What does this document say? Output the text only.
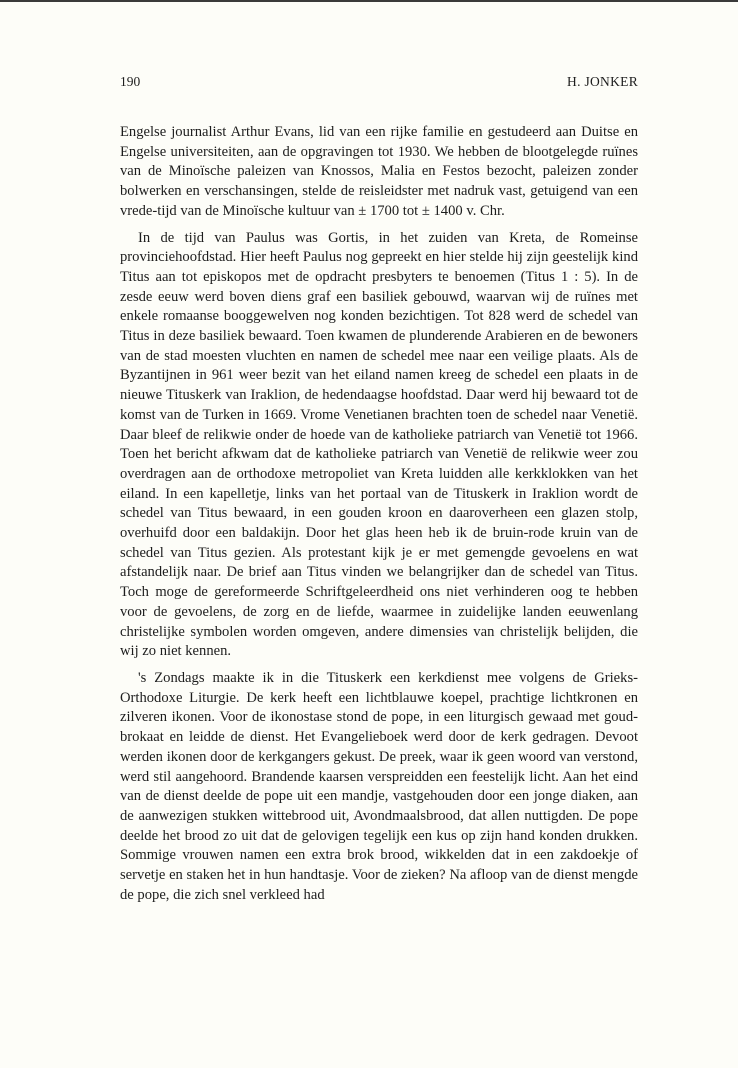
190	H. JONKER

Engelse journalist Arthur Evans, lid van een rijke familie en gestudeerd aan Duitse en Engelse universiteiten, aan de opgravingen tot 1930. We hebben de blootgelegde ruïnes van de Minoïsche paleizen van Knossos, Malia en Festos bezocht, paleizen zonder bolwerken en verschansingen, stelde de reisleidster met nadruk vast, getuigend van een vrede-tijd van de Minoïsche kultuur van ± 1700 tot ± 1400 v. Chr.

In de tijd van Paulus was Gortis, in het zuiden van Kreta, de Romeinse provinciehoofdstad. Hier heeft Paulus nog gepreekt en hier stelde hij zijn geestelijk kind Titus aan tot episkopos met de opdracht presbyters te benoemen (Titus 1 : 5). In de zesde eeuw werd boven diens graf een basiliek gebouwd, waarvan wij de ruïnes met enkele romaanse booggewelven nog konden bezichtigen. Tot 828 werd de schedel van Titus in deze basiliek bewaard. Toen kwamen de plunderende Arabieren en de bewoners van de stad moesten vluchten en namen de schedel mee naar een veilige plaats. Als de Byzantijnen in 961 weer bezit van het eiland namen kreeg de schedel een plaats in de nieuwe Tituskerk van Iraklion, de hedendaagse hoofdstad. Daar werd hij bewaard tot de komst van de Turken in 1669. Vrome Venetianen brachten toen de schedel naar Venetië. Daar bleef de relikwie onder de hoede van de katholieke patriarch van Venetië tot 1966. Toen het bericht afkwam dat de katholieke patriarch van Venetië de relikwie weer zou overdragen aan de orthodoxe metropoliet van Kreta luidden alle kerkklokken van het eiland. In een kapelletje, links van het portaal van de Tituskerk in Iraklion wordt de schedel van Titus bewaard, in een gouden kroon en daaroverheen een glazen stolp, overhuifd door een baldakijn. Door het glas heen heb ik de bruin-rode kruin van de schedel van Titus gezien. Als protestant kijk je er met gemengde gevoelens en wat afstandelijk naar. De brief aan Titus vinden we belangrijker dan de schedel van Titus. Toch moge de gereformeerde Schriftgeleerdheid ons niet verhinderen oog te hebben voor de gevoelens, de zorg en de liefde, waarmee in zuidelijke landen eeuwenlang christelijke symbolen worden omgeven, andere dimensies van christelijk belijden, die wij zo niet kennen.

's Zondags maakte ik in die Tituskerk een kerkdienst mee volgens de Grieks-Orthodoxe Liturgie. De kerk heeft een lichtblauwe koepel, prachtige lichtkronen en zilveren ikonen. Voor de ikonostase stond de pope, in een liturgisch gewaad met goud-brokaat en leidde de dienst. Het Evangelieboek werd door de kerk gedragen. Devoot werden ikonen door de kerkgangers gekust. De preek, waar ik geen woord van verstond, werd stil aangehoord. Brandende kaarsen verspreidden een feestelijk licht. Aan het eind van de dienst deelde de pope uit een mandje, vastgehouden door een jonge diaken, aan de aanwezigen stukken wittebrood uit, Avondmaalsbrood, dat allen nuttigden. De pope deelde het brood zo uit dat de gelovigen tegelijk een kus op zijn hand konden drukken. Sommige vrouwen namen een extra brok brood, wikkelden dat in een zakdoekje of servetje en staken het in hun handtasje. Voor de zieken? Na afloop van de dienst mengde de pope, die zich snel verkleed had
